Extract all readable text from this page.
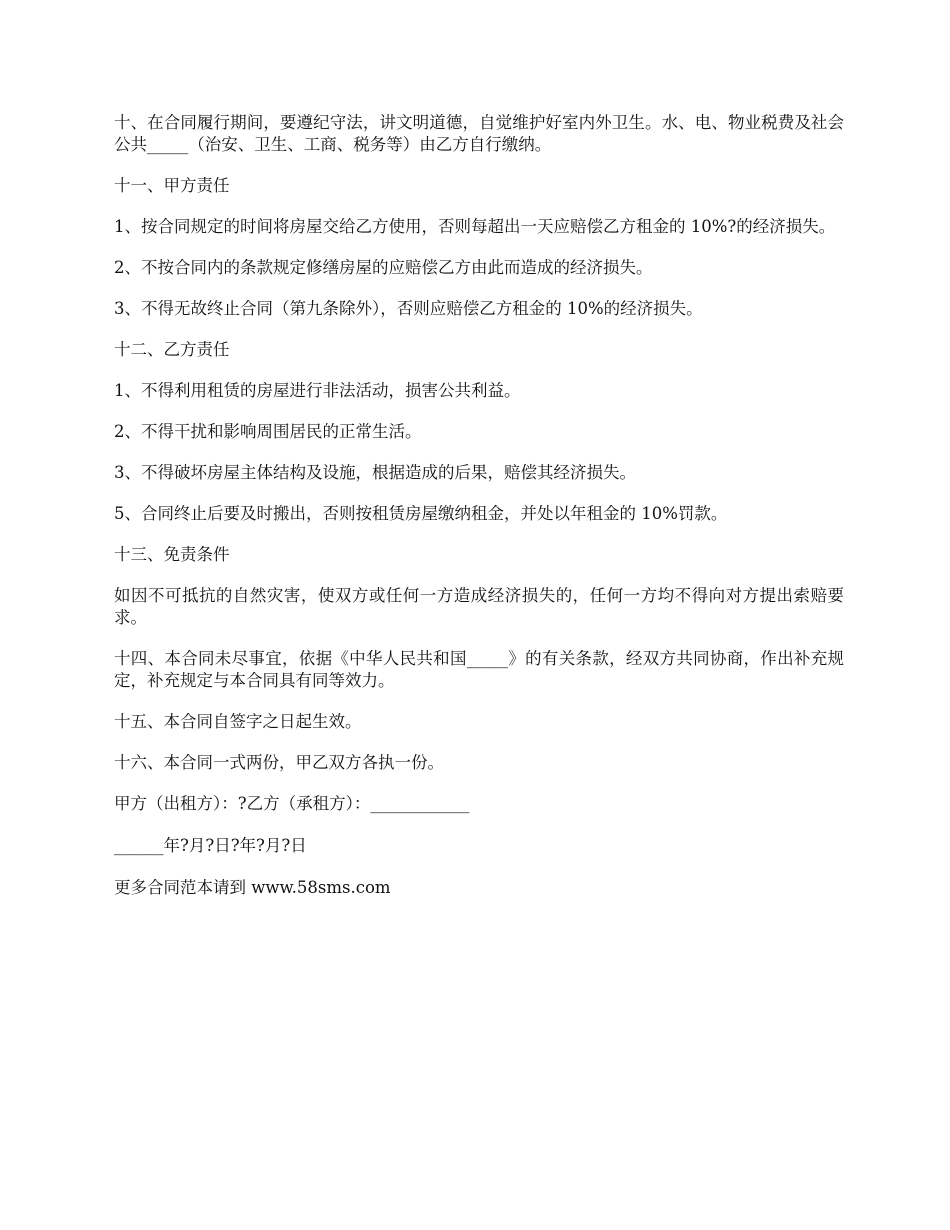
十、在合同履行期间，要遵纪守法，讲文明道德，自觉维护好室内外卫生。水、电、物业税费及社会公共_____（治安、卫生、工商、税务等）由乙方自行缴纳。

十一、甲方责任

1、按合同规定的时间将房屋交给乙方使用，否则每超出一天应赔偿乙方租金的 10%?的经济损失。

2、不按合同内的条款规定修缮房屋的应赔偿乙方由此而造成的经济损失。

3、不得无故终止合同（第九条除外），否则应赔偿乙方租金的 10%的经济损失。

十二、乙方责任

1、不得利用租赁的房屋进行非法活动，损害公共利益。

2、不得干扰和影响周围居民的正常生活。

3、不得破坏房屋主体结构及设施，根据造成的后果，赔偿其经济损失。

5、合同终止后要及时搬出，否则按租赁房屋缴纳租金，并处以年租金的 10%罚款。

十三、免责条件

如因不可抵抗的自然灾害，使双方或任何一方造成经济损失的，任何一方均不得向对方提出索赔要求。

十四、本合同未尽事宜，依据《中华人民共和国_____》的有关条款，经双方共同协商，作出补充规定，补充规定与本合同具有同等效力。

十五、本合同自签字之日起生效。

十六、本合同一式两份，甲乙双方各执一份。

甲方（出租方）：?乙方（承租方）：____________

______年?月?日?年?月?日

更多合同范本请到 www.58sms.com
